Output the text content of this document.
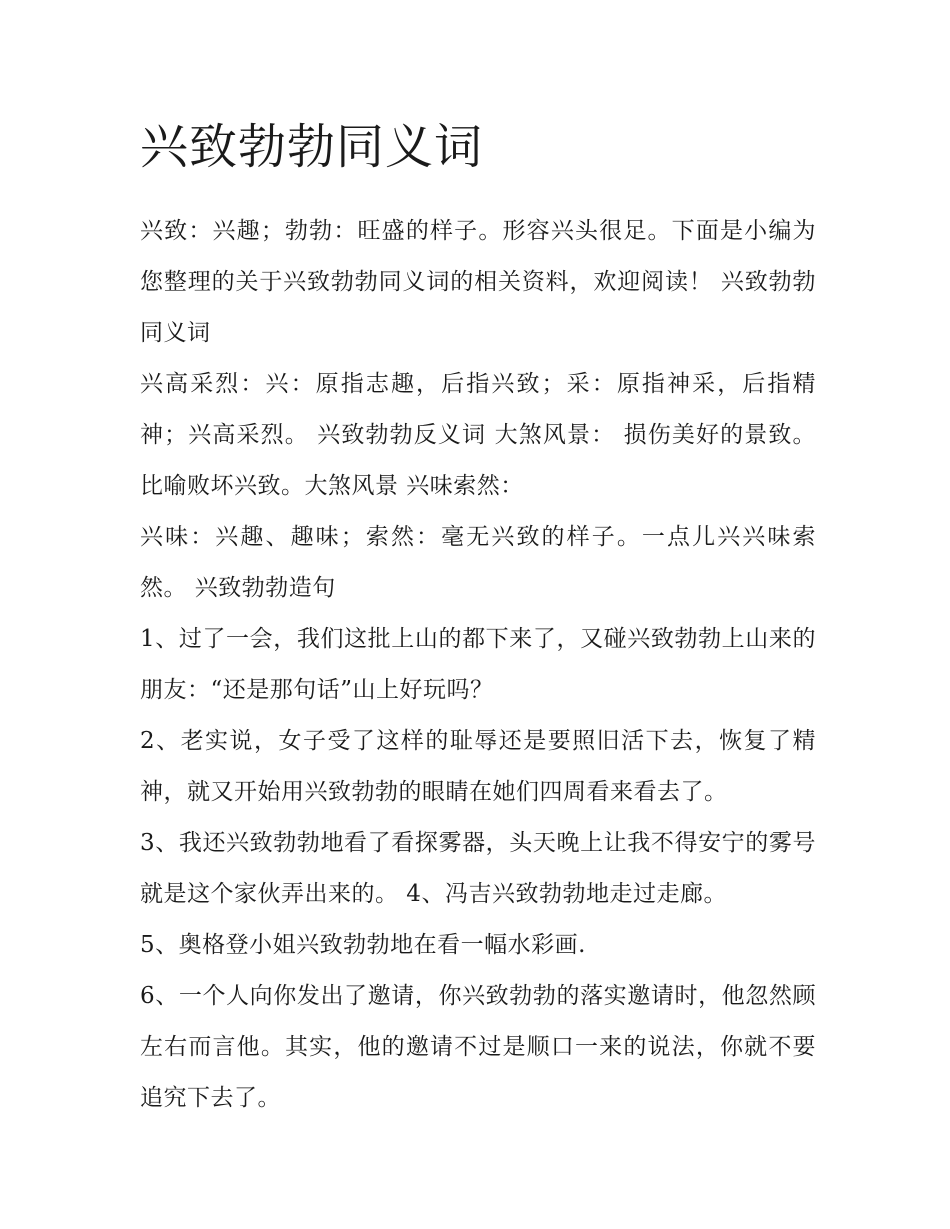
兴致勃勃同义词

兴致：兴趣；勃勃：旺盛的样子。形容兴头很足。下面是小编为您整理的关于兴致勃勃同义词的相关资料，欢迎阅读！ 兴致勃勃同义词

兴高采烈：兴：原指志趣，后指兴致；采：原指神采，后指精神；兴高采烈。 兴致勃勃反义词 大煞风景： 损伤美好的景致。比喻败坏兴致。大煞风景 兴味索然：

兴味：兴趣、趣味；索然：毫无兴致的样子。一点儿兴兴味索然。 兴致勃勃造句

1、过了一会，我们这批上山的都下来了，又碰兴致勃勃上山来的朋友：“还是那句话”山上好玩吗？

2、老实说，女子受了这样的耻辱还是要照旧活下去，恢复了精神，就又开始用兴致勃勃的眼睛在她们四周看来看去了。

3、我还兴致勃勃地看了看探雾器，头天晚上让我不得安宁的雾号就是这个家伙弄出来的。 4、冯吉兴致勃勃地走过走廊。

5、奥格登小姐兴致勃勃地在看一幅水彩画.

6、一个人向你发出了邀请，你兴致勃勃的落实邀请时，他忽然顾左右而言他。其实，他的邀请不过是顺口一来的说法，你就不要追究下去了。
